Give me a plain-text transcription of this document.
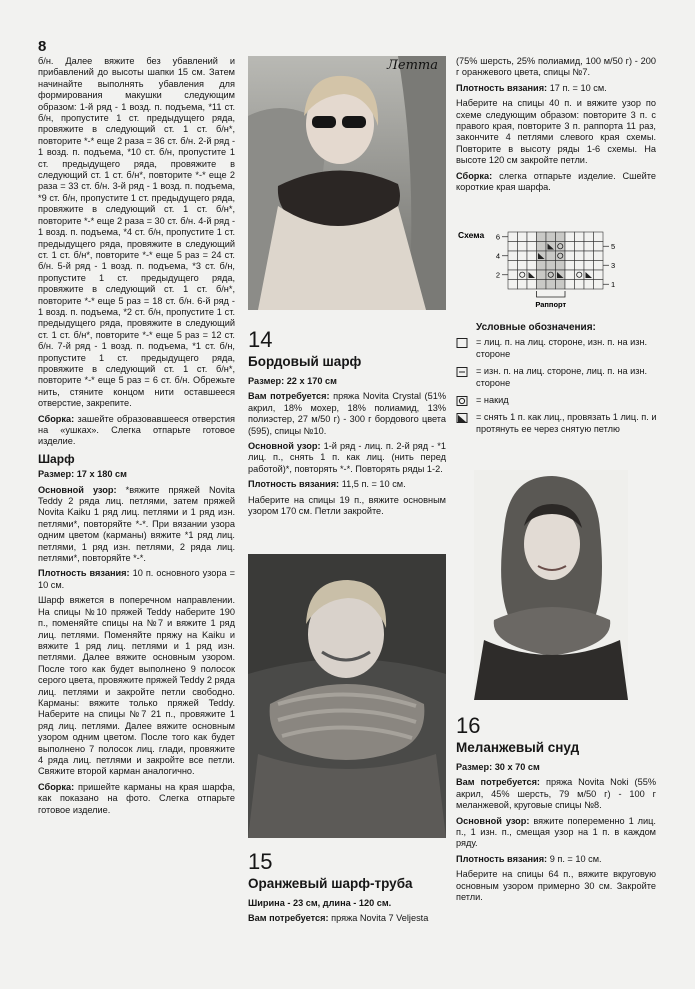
8

б/н. Далее вяжите без убавлений и прибавлений до высоты шапки 15 см. Затем начинайте выполнять убавления для формирования макушки следующим образом: 1-й ряд - 1 возд. п. подъема, *11 ст. б/н, пропустите 1 ст. предыдущего ряда, провяжите в следующий ст. 1 ст. б/н*, повторите *-* еще 2 раза = 36 ст. б/н. 2-й ряд - 1 возд. п. подъема, *10 ст. б/н, пропустите 1 ст. предыдущего ряда, провяжите в следующий ст. 1 ст. б/н*, повторите *-* еще 2 раза = 33 ст. б/н. 3-й ряд - 1 возд. п. подъема, *9 ст. б/н, пропустите 1 ст. предыдущего ряда, провяжите в следующий ст. 1 ст. б/н*, повторите *-* еще 2 раза = 30 ст. б/н. 4-й ряд - 1 возд. п. подъема, *4 ст. б/н, пропустите 1 ст. предыдущего ряда, провяжите в следующий ст. 1 ст. б/н*, повторите *-* еще 5 раз = 24 ст. б/н. 5-й ряд - 1 возд. п. подъема, *3 ст. б/н, пропустите 1 ст. предыдущего ряда, провяжите в следующий ст. 1 ст. б/н*, повторите *-* еще 5 раз = 18 ст. б/н. 6-й ряд - 1 возд. п. подъема, *2 ст. б/н, пропустите 1 ст. предыдущего ряда, провяжите в следующий ст. 1 ст. б/н*, повторите *-* еще 5 раз = 12 ст. б/н. 7-й ряд - 1 возд. п. подъема, *1 ст. б/н, пропустите 1 ст. предыдущего ряда, провяжите в следующий ст. 1 ст. б/н*, повторите *-* еще 5 раз = 6 ст. б/н. Обрежьте нить, стяните концом нити оставшееся отверстие, закрепите.

Сборка: зашейте образовавшееся отверстия на «ушках». Слегка отпарьте готовое изделие.

Шарф

Размер: 17 х 180 см

Основной узор: *вяжите пряжей Novita Teddy 2 ряда лиц. петлями, затем пряжей Novita Kaiku 1 ряд лиц. петлями и 1 ряд изн. петлями*, повторяйте *-*. При вязании узора одним цветом (карманы) вяжите *1 ряд лиц. петлями, 1 ряд изн. петлями, 2 ряда лиц. петлями*, повторяйте *-*.

Плотность вязания: 10 п. основного узора = 10 см.

Шарф вяжется в поперечном направлении. На спицы №10 пряжей Teddy наберите 190 п., поменяйте спицы на №7 и вяжите 1 ряд лиц. петлями. Поменяйте пряжу на Kaiku и вяжите 1 ряд лиц. петлями и 1 ряд изн. петлями. Далее вяжите основным узором. После того как будет выполнено 9 полосок серого цвета, провяжите пряжей Teddy 2 ряда лиц. петлями и закройте петли свободно. Карманы: вяжите только пряжей Teddy. Наберите на спицы №7 21 п., провяжите 1 ряд лиц. петлями. Далее вяжите основным узором одним цветом. После того как будет выполнено 7 полосок лиц. глади, провяжите 4 ряда лиц. петлями и закройте все петли. Свяжите второй карман аналогично.

Сборка: пришейте карманы на края шарфа, как показано на фото. Слегка отпарьте готовое изделие.

Летта
14
Бордовый шарф

Размер: 22 х 170 см

Вам потребуется: пряжа Novita Crystal (51% акрил, 18% мохер, 18% полиамид, 13% полиэстер, 27 м/50 г) - 300 г бордового цвета (595), спицы №10.

Основной узор: 1-й ряд - лиц. п. 2-й ряд - *1 лиц. п., снять 1 п. как лиц. (нить перед работой)*, повторять *-*. Повторять ряды 1-2.

Плотность вязания: 11,5 п. = 10 см.

Наберите на спицы 19 п., вяжите основным узором 170 см. Петли закройте.

15
Оранжевый шарф-труба

Ширина - 23 см, длина - 120 см.

Вам потребуется: пряжа Novita 7 Veljesta

(75% шерсть, 25% полиамид, 100 м/50 г) - 200 г оранжевого цвета, спицы №7.

Плотность вязания: 17 п. = 10 см.

Наберите на спицы 40 п. и вяжите узор по схеме следующим образом: повторите 3 п. с правого края, повторите 3 п. раппорта 11 раз, закончите 4 петлями слевого края схемы. Повторите в высоту ряды 1-6 схемы. На высоте 120 см закройте петли.

Сборка: слегка отпарьте изделие. Сшейте короткие края шарфа.

Схема 6
4
2
5
3
1
Раппорт
Условные обозначения:
= лиц. п. на лиц. стороне, изн. п. на изн. стороне
= изн. п. на лиц. стороне, лиц. п. на изн. стороне
= накид
= снять 1 п. как лиц., провязать 1 лиц. п. и протянуть ее через снятую петлю
16
Меланжевый снуд

Размер: 30 х 70 см

Вам потребуется: пряжа Novita Noki (55% акрил, 45% шерсть, 79 м/50 г) - 100 г меланжевой, круговые спицы №8.

Основной узор: вяжите попеременно 1 лиц. п., 1 изн. п., смещая узор на 1 п. в каждом ряду.

Плотность вязания: 9 п. = 10 см.

Наберите на спицы 64 п., вяжите вкруговую основным узором примерно 30 см. Закройте петли.
